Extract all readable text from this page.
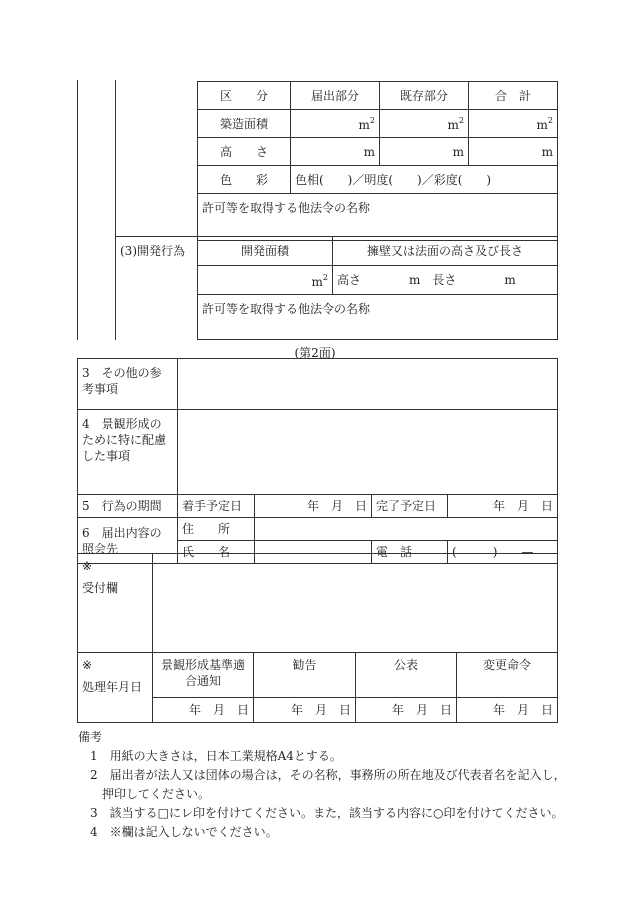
区　　分	届出部分	既存部分	合　計
築造面積	$m^2$	$m^2$	$m^2$
高　　さ	m	m	m
色　　彩	色相(　　)／明度(　　)／彩度(　　)		
許可等を取得する他法令の名称			
(3)開発行為	開発面積	擁壁又は法面の高さ及び長さ
$m^2$	高さ　　　　m　長さ　　　　m
許可等を取得する他法令の名称	
(第2面)
3　その他の参考事項				
4　景観形成のために特に配慮した事項				
5　行為の期間	着手予定日	年　月　日	完了予定日	年　月　日
6　届出内容の照会先	住　　所			
	氏　　名		電　話	(　　　)　　—
※
受付欄				

※
処理年月日	景観形成基準適合通知	勧告	公表	変更命令
	年　月　日	年　月　日	年　月　日	年　月　日
備考
1　用紙の大きさは，日本工業規格A4とする。
2　届出者が法人又は団体の場合は，その名称，事務所の所在地及び代表者名を記入し，
押印してください。
3　該当する□にレ印を付けてください。また，該当する内容に○印を付けてください。
4　※欄は記入しないでください。
